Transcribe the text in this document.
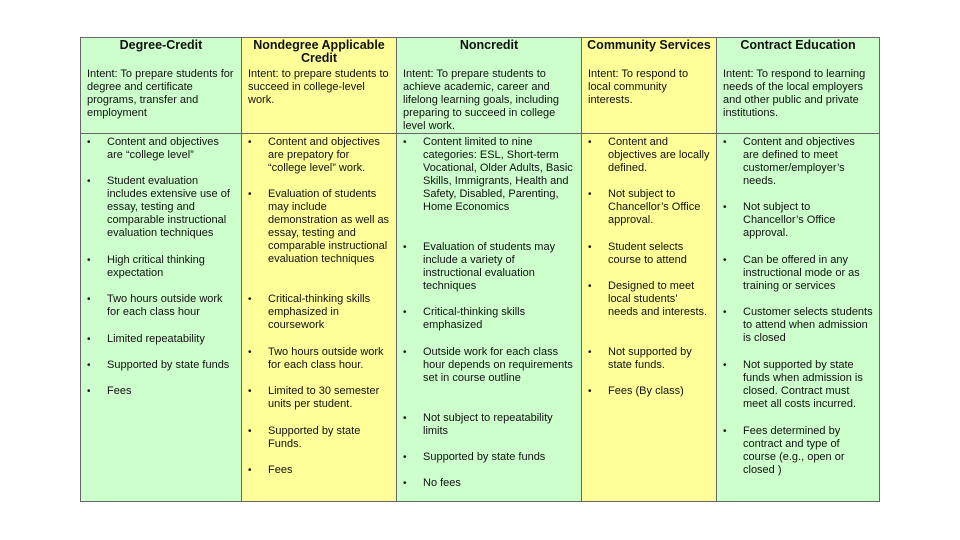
Degree-Credit
Intent: To prepare students for degree and certificate programs, transfer and employment
• Content and objectives are “college level”
• Student evaluation includes extensive use of essay, testing and comparable instructional evaluation techniques
• High critical thinking expectation
• Two hours outside work for each class hour
• Limited repeatability
• Supported by state funds
• Fees
Nondegree Applicable Credit
Intent: to prepare students to succeed in college-level work.
• Content and objectives are prepatory for “college level” work.
• Evaluation of students may include demonstration as well as essay, testing and comparable instructional evaluation techniques
• Critical-thinking skills emphasized in coursework
• Two hours outside work for each class hour.
• Limited to 30 semester units per student.
• Supported by state Funds.
• Fees
Noncredit
Intent: To prepare students to achieve academic, career and lifelong learning goals, including preparing to succeed in college level work.
• Content limited to nine categories: ESL, Short-term Vocational, Older Adults, Basic Skills, Immigrants, Health and Safety, Disabled, Parenting, Home Economics
• Evaluation of students may include a variety of instructional evaluation techniques
• Critical-thinking skills emphasized
• Outside work for each class hour depends on requirements set in course outline
• Not subject to repeatability limits
• Supported by state funds
• No fees
Community Services
Intent: To respond to local community interests.
• Content and objectives are locally defined.
• Not subject to Chancellor’s Office approval.
• Student selects course to attend
• Designed to meet local students’ needs and interests.
• Not supported by state funds.
• Fees (By class)
Contract Education
Intent: To respond to learning needs of the local employers and other public and private institutions.
• Content and objectives are defined to meet customer/employer’s needs.
• Not subject to Chancellor’s Office approval.
• Can be offered in any instructional mode or as training or services
• Customer selects students to attend when admission is closed
• Not supported by state funds when admission is closed. Contract must meet all costs incurred.
• Fees determined by contract and type of course (e.g., open or closed )
